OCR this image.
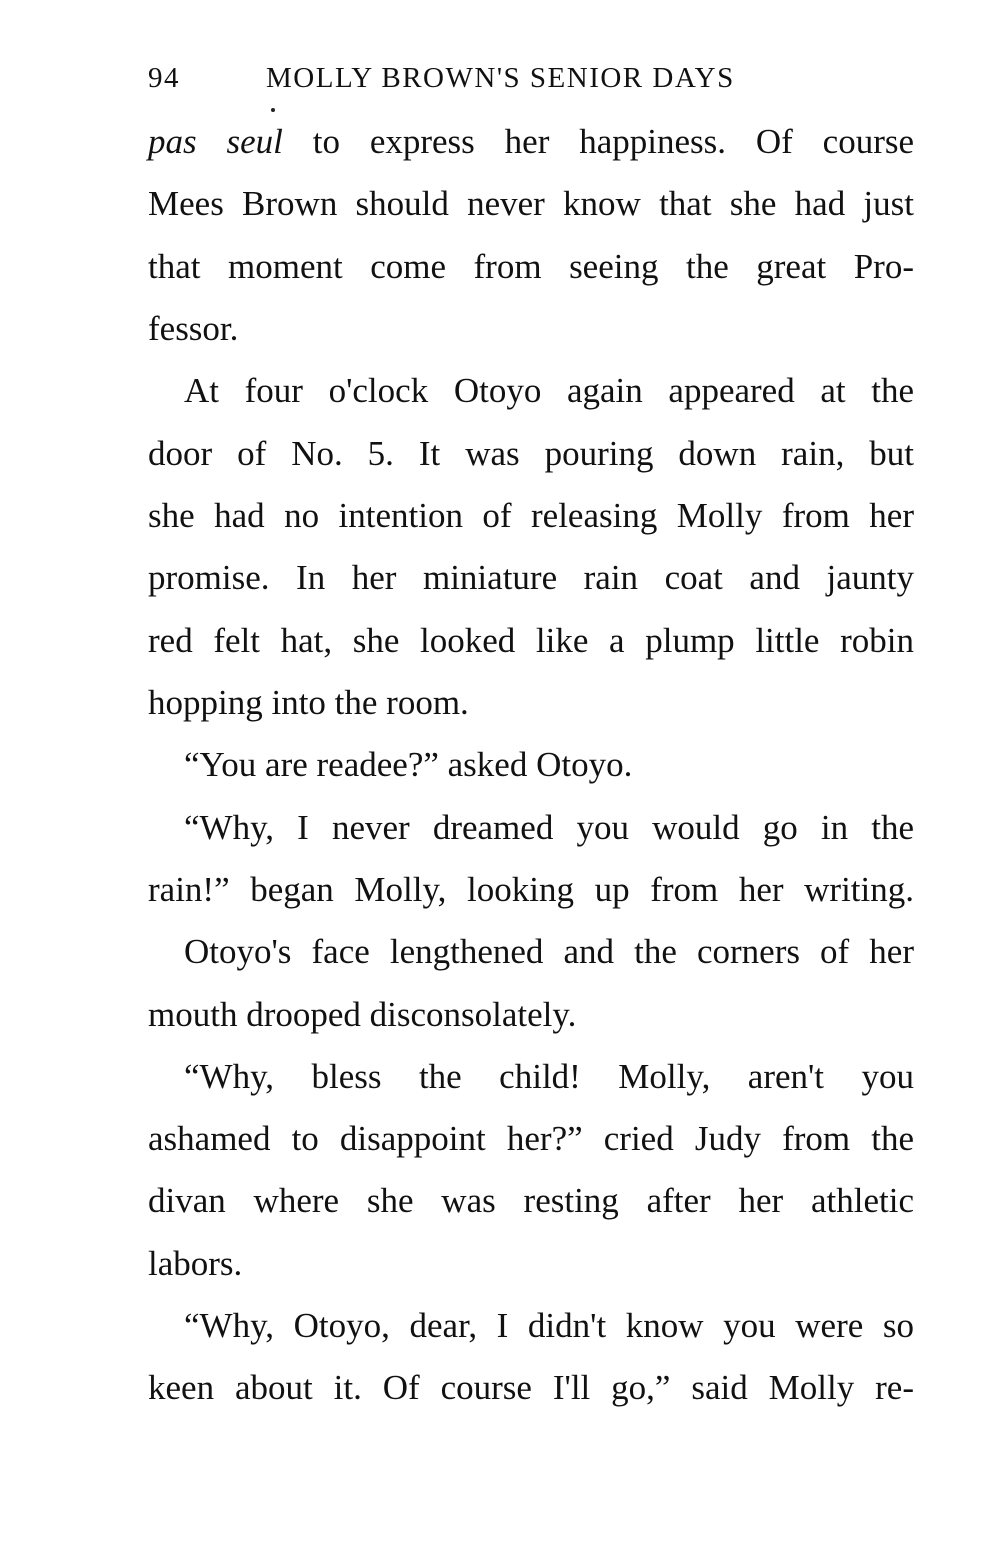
94	MOLLY BROWN'S SENIOR DAYS
pas seul to express her happiness. Of course
Mees Brown should never know that she had just
that moment come from seeing the great Pro-
fessor.
At four o'clock Otoyo again appeared at the
door of No. 5. It was pouring down rain, but
she had no intention of releasing Molly from her
promise. In her miniature rain coat and jaunty
red felt hat, she looked like a plump little robin
hopping into the room.
“You are readee?” asked Otoyo.
“Why, I never dreamed you would go in the
rain!” began Molly, looking up from her writing.
Otoyo's face lengthened and the corners of her
mouth drooped disconsolately.
“Why, bless the child! Molly, aren't you
ashamed to disappoint her?” cried Judy from the
divan where she was resting after her athletic
labors.
“Why, Otoyo, dear, I didn't know you were so
keen about it. Of course I'll go,” said Molly re-
